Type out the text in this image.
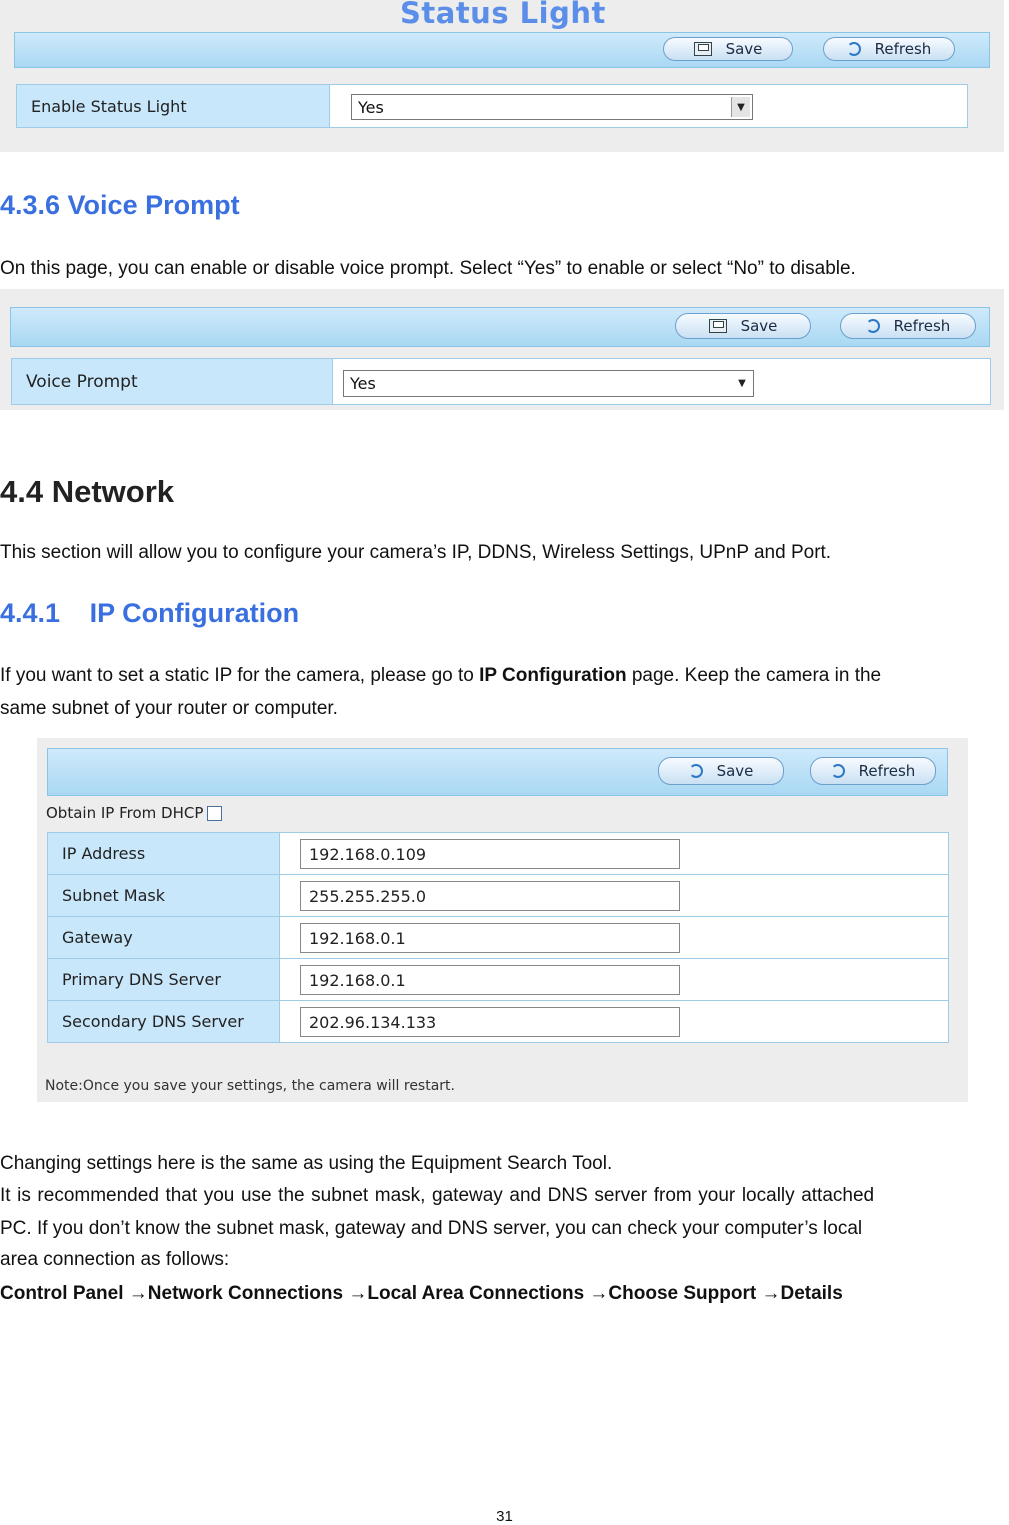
Status Light
Save	Refresh
Enable Status Light	Yes	▼
4.3.6 Voice Prompt
On this page, you can enable or disable voice prompt. Select “Yes” to enable or select “No” to disable.
Save	Refresh
Voice Prompt	Yes	▼
4.4 Network
This section will allow you to configure your camera’s IP, DDNS, Wireless Settings, UPnP and Port.
4.4.1 IP Configuration
If you want to set a static IP for the camera, please go to IP Configuration page. Keep the camera in the
same subnet of your router or computer.
Save	Refresh
Obtain IP From DHCP
IP Address	192.168.0.109
Subnet Mask	255.255.255.0
Gateway	192.168.0.1
Primary DNS Server	192.168.0.1
Secondary DNS Server	202.96.134.133
Note:Once you save your settings, the camera will restart.
Changing settings here is the same as using the Equipment Search Tool.
It is recommended that you use the subnet mask, gateway and DNS server from your locally attached
PC. If you don’t know the subnet mask, gateway and DNS server, you can check your computer’s local
area connection as follows:
Control Panel →Network Connections →Local Area Connections →Choose Support →Details
31
